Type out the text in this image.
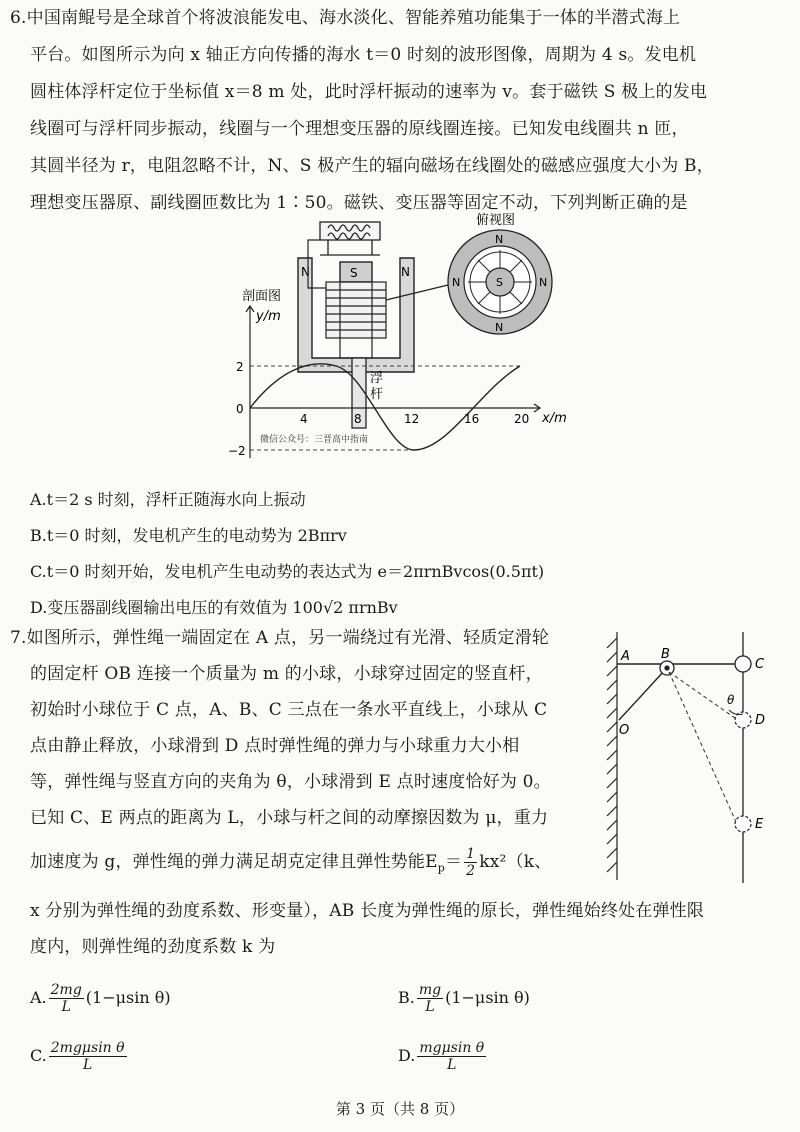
6.中国南鲲号是全球首个将波浪能发电、海水淡化、智能养殖功能集于一体的半潜式海上
平台。如图所示为向 x 轴正方向传播的海水 t＝0 时刻的波形图像，周期为 4 s。发电机
圆柱体浮杆定位于坐标值 x＝8 m 处，此时浮杆振动的速率为 v。套于磁铁 S 极上的发电
线圈可与浮杆同步振动，线圈与一个理想变压器的原线圈连接。已知发电线圈共 n 匝，
其圆半径为 r，电阻忽略不计，N、S 极产生的辐向磁场在线圈处的磁感应强度大小为 B，
理想变压器原、副线圈匝数比为 1∶50。磁铁、变压器等固定不动，下列判断正确的是
N	N
S
浮
杆
剖面图
俯视图
N
N
N	N
S
y/m
x/m
2
0
−2
4	8	12	16	20
微信公众号：三晋高中指南
A.t＝2 s 时刻，浮杆正随海水向上振动
B.t＝0 时刻，发电机产生的电动势为 2Bπrv
C.t＝0 时刻开始，发电机产生电动势的表达式为 e＝2πrnBvcos(0.5πt)
D.变压器副线圈输出电压的有效值为 100√2 πrnBv
7.如图所示，弹性绳一端固定在 A 点，另一端绕过有光滑、轻质定滑轮
的固定杆 OB 连接一个质量为 m 的小球，小球穿过固定的竖直杆，
初始时小球位于 C 点，A、B、C 三点在一条水平直线上，小球从 C
点由静止释放，小球滑到 D 点时弹性绳的弹力与小球重力大小相
等，弹性绳与竖直方向的夹角为 θ，小球滑到 E 点时速度恰好为 0。
已知 C、E 两点的距离为 L，小球与杆之间的动摩擦因数为 μ，重力
加速度为 g，弹性绳的弹力满足胡克定律且弹性势能$E_p= \frac{1}{2} kx^2(k$、
x 分别为弹性绳的劲度系数、形变量），AB 长度为弹性绳的原长，弹性绳始终处在弹性限
度内，则弹性绳的劲度系数 k 为
A B
C
D
E
O
θ
A. $\frac{2mg}{L} (1-\mu\sin$ θ)	B. $\frac{mg}{L} (1-\mu\sin$ θ)
C. $\frac{\text{2mgμsin θ}}{L}$	D. $\frac{\text{mgμsin θ}}{L}$
第 3 页（共 8 页）
